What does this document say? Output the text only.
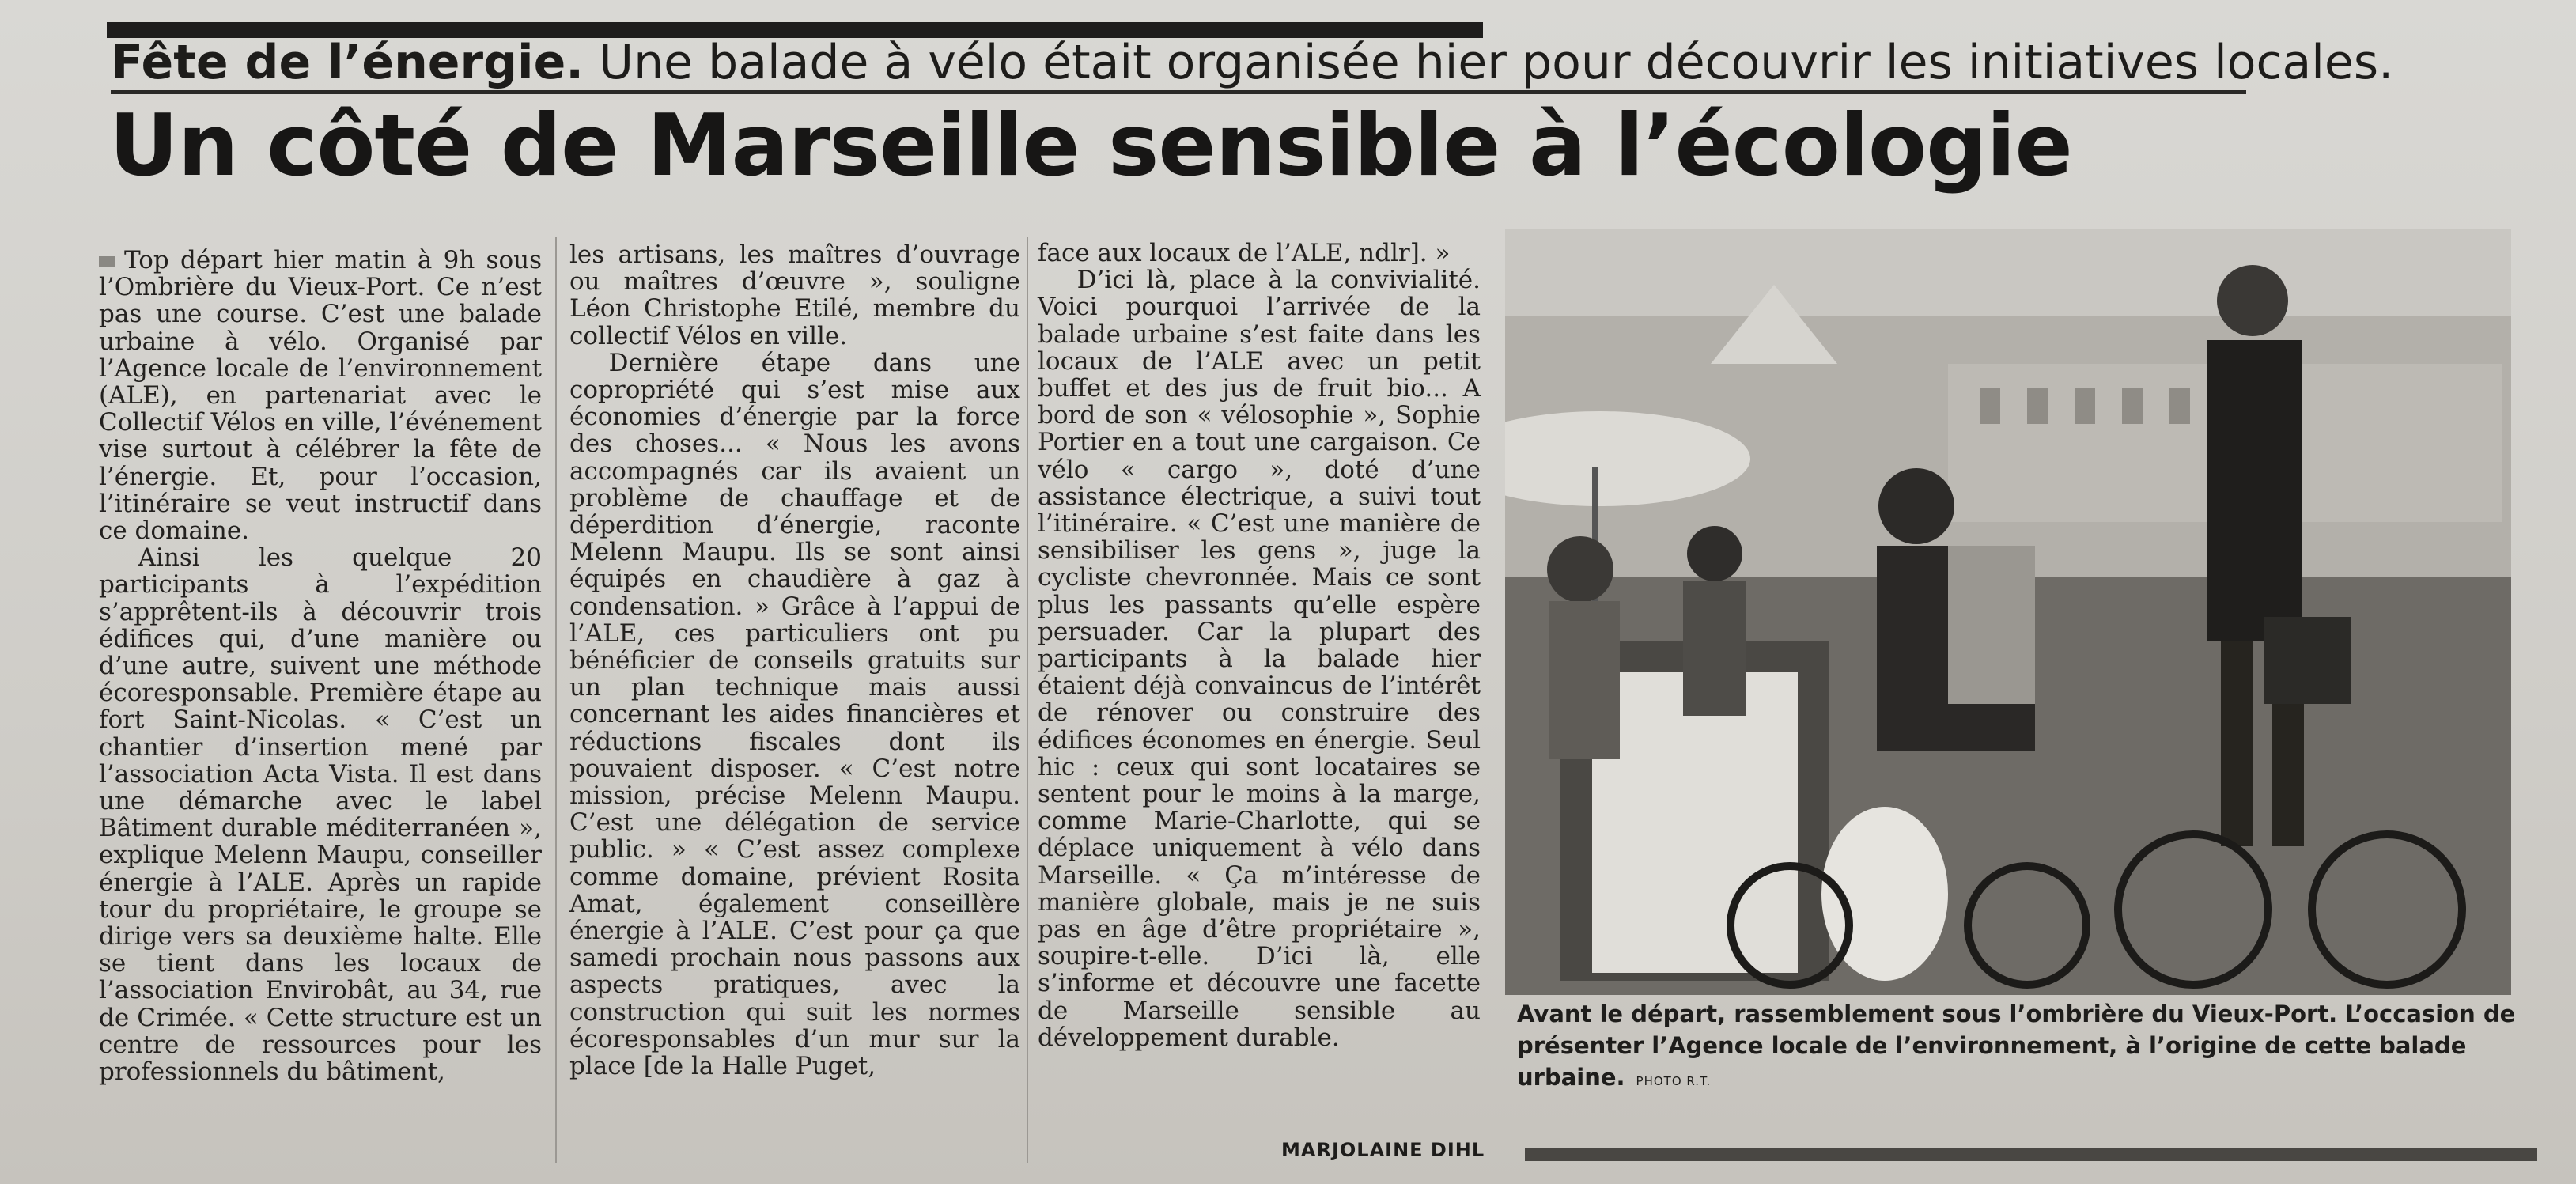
Fête de l’énergie. Une balade à vélo était organisée hier pour découvrir les initiatives locales.
Un côté de Marseille sensible à l’écologie

Top départ hier matin à 9h sous l’Ombrière du Vieux-Port. Ce n’est pas une course. C’est une balade urbaine à vélo. Organisé par l’Agence locale de l’environnement (ALE), en partenariat avec le Collectif Vélos en ville, l’événement vise surtout à célébrer la fête de l’énergie. Et, pour l’occasion, l’itinéraire se veut instructif dans ce domaine.

Ainsi les quelque 20 participants à l’expédition s’apprêtent-ils à découvrir trois édifices qui, d’une manière ou d’une autre, suivent une méthode écoresponsable. Première étape au fort Saint-Nicolas. « C’est un chantier d’insertion mené par l’association Acta Vista. Il est dans une démarche avec le label Bâtiment durable méditerranéen », explique Melenn Maupu, conseiller énergie à l’ALE. Après un rapide tour du propriétaire, le groupe se dirige vers sa deuxième halte. Elle se tient dans les locaux de l’association Envirobât, au 34, rue de Crimée. « Cette structure est un centre de ressources pour les professionnels du bâtiment,

les artisans, les maîtres d’ouvrage ou maîtres d’œuvre », souligne Léon Christophe Etilé, membre du collectif Vélos en ville.

Dernière étape dans une copropriété qui s’est mise aux économies d’énergie par la force des choses... « Nous les avons accompagnés car ils avaient un problème de chauffage et de déperdition d’énergie, raconte Melenn Maupu. Ils se sont ainsi équipés en chaudière à gaz à condensation. » Grâce à l’appui de l’ALE, ces particuliers ont pu bénéficier de conseils gratuits sur un plan technique mais aussi concernant les aides financières et réductions fiscales dont ils pouvaient disposer. « C’est notre mission, précise Melenn Maupu. C’est une délégation de service public. » « C’est assez complexe comme domaine, prévient Rosita Amat, également conseillère énergie à l’ALE. C’est pour ça que samedi prochain nous passons aux aspects pratiques, avec la construction qui suit les normes écoresponsables d’un mur sur la place [de la Halle Puget,

face aux locaux de l’ALE, ndlr]. »

D’ici là, place à la convivialité. Voici pourquoi l’arrivée de la balade urbaine s’est faite dans les locaux de l’ALE avec un petit buffet et des jus de fruit bio... A bord de son « vélosophie », Sophie Portier en a tout une cargaison. Ce vélo « cargo », doté d’une assistance électrique, a suivi tout l’itinéraire. « C’est une manière de sensibiliser les gens », juge la cycliste chevronnée. Mais ce sont plus les passants qu’elle espère persuader. Car la plupart des participants à la balade hier étaient déjà convaincus de l’intérêt de rénover ou construire des édifices économes en énergie. Seul hic : ceux qui sont locataires se sentent pour le moins à la marge, comme Marie-Charlotte, qui se déplace uniquement à vélo dans Marseille. « Ça m’intéresse de manière globale, mais je ne suis pas en âge d’être propriétaire », soupire-t-elle. D’ici là, elle s’informe et découvre une facette de Marseille sensible au développement durable.

Avant le départ, rassemblement sous l’ombrière du Vieux-Port. L’occasion de présenter l’Agence locale de l’environnement, à l’origine de cette balade urbaine. PHOTO R.T.
MARJOLAINE DIHL
